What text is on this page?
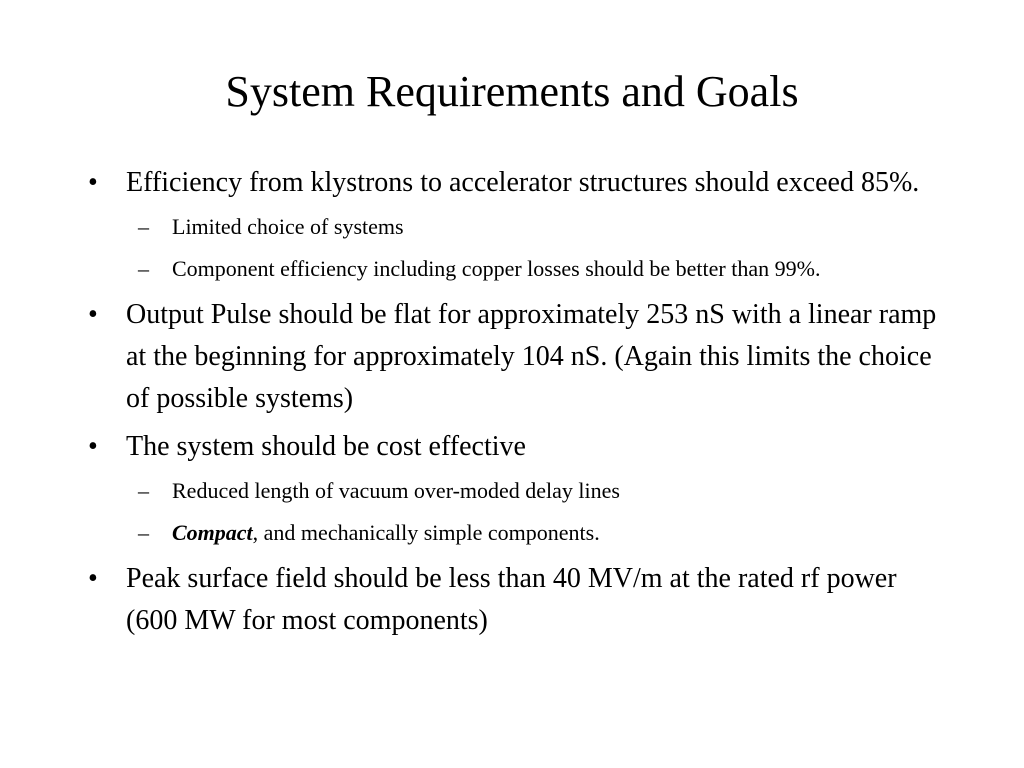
System Requirements and Goals
• Efficiency from klystrons to accelerator structures should exceed 85%.
– Limited choice of systems
– Component efficiency including copper losses should be better than 99%.
• Output Pulse should be flat for approximately 253 nS with a linear ramp at the beginning for approximately 104 nS. (Again this limits the choice of possible systems)
• The system should be cost effective
– Reduced length of vacuum over-moded delay lines
– Compact, and mechanically simple components.
• Peak surface field should be less than 40 MV/m at the rated rf power (600 MW for most components)
